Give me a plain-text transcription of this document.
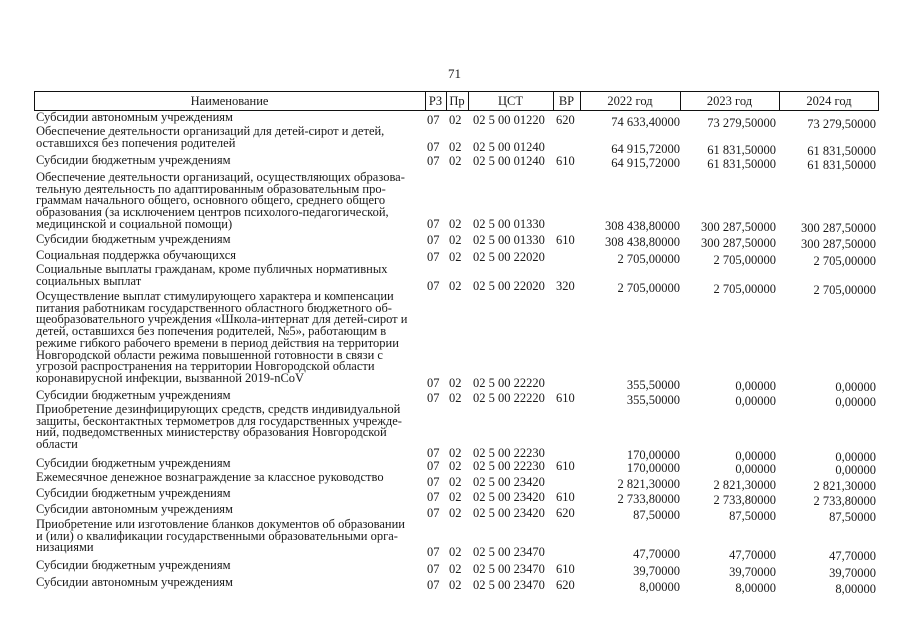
71
Наименование	РЗ Пр	ЦСТ	ВР	2022 год	2023 год	2024 год
Субсидии автономным учреждениям	07 02 02 5 00 01220 620	74 633,40000	73 279,50000	73 279,50000
Обеспечение деятельности организаций для детей-сирот и детей,
оставшихся без попечения родителей	07 02 02 5 00 01240	64 915,72000	61 831,50000	61 831,50000
Субсидии бюджетным учреждениям	07 02 02 5 00 01240 610	64 915,72000	61 831,50000	61 831,50000
Обеспечение деятельности организаций, осуществляющих образова-
тельную деятельность по адаптированным образовательным про-
граммам начального общего, основного общего, среднего общего
образования (за исключением центров психолого-педагогической,
медицинской и социальной помощи)	07 02 02 5 00 01330	308 438,80000	300 287,50000	300 287,50000
Субсидии бюджетным учреждениям	07 02 02 5 00 01330 610	308 438,80000	300 287,50000	300 287,50000
Социальная поддержка обучающихся	07 02 02 5 00 22020	2 705,00000	2 705,00000	2 705,00000
Социальные выплаты гражданам, кроме публичных нормативных
социальных выплат	07 02 02 5 00 22020 320	2 705,00000	2 705,00000	2 705,00000
Осуществление выплат стимулирующего характера и компенсации
питания работникам государственного областного бюджетного об-
щеобразовательного учреждения «Школа-интернат для детей-сирот и
детей, оставшихся без попечения родителей, №5», работающим в
режиме гибкого рабочего времени в период действия на территории
Новгородской области режима повышенной готовности в связи с
угрозой распространения на территории Новгородской области
коронавирусной инфекции, вызванной 2019-nCoV	07 02 02 5 00 22220	355,50000	0,00000	0,00000
Субсидии бюджетным учреждениям	07 02 02 5 00 22220 610	355,50000	0,00000	0,00000
Приобретение дезинфицирующих средств, средств индивидуальной
защиты, бесконтактных термометров для государственных учрежде-
ний, подведомственных министерству образования Новгородской
области
07 02 02 5 00 22230	170,00000	0,00000	0,00000
Субсидии бюджетным учреждениям	07 02 02 5 00 22230 610	170,00000	0,00000	0,00000
Ежемесячное денежное вознаграждение за классное руководство	07 02 02 5 00 23420	2 821,30000	2 821,30000	2 821,30000
Субсидии бюджетным учреждениям	07 02 02 5 00 23420 610	2 733,80000	2 733,80000	2 733,80000
Субсидии автономным учреждениям	07 02 02 5 00 23420 620	87,50000	87,50000	87,50000
Приобретение или изготовление бланков документов об образовании
и (или) о квалификации государственными образовательными орга-
низациями	07 02 02 5 00 23470	47,70000	47,70000	47,70000
Субсидии бюджетным учреждениям	07 02 02 5 00 23470 610	39,70000	39,70000	39,70000
Субсидии автономным учреждениям	07 02 02 5 00 23470 620	8,00000	8,00000	8,00000
